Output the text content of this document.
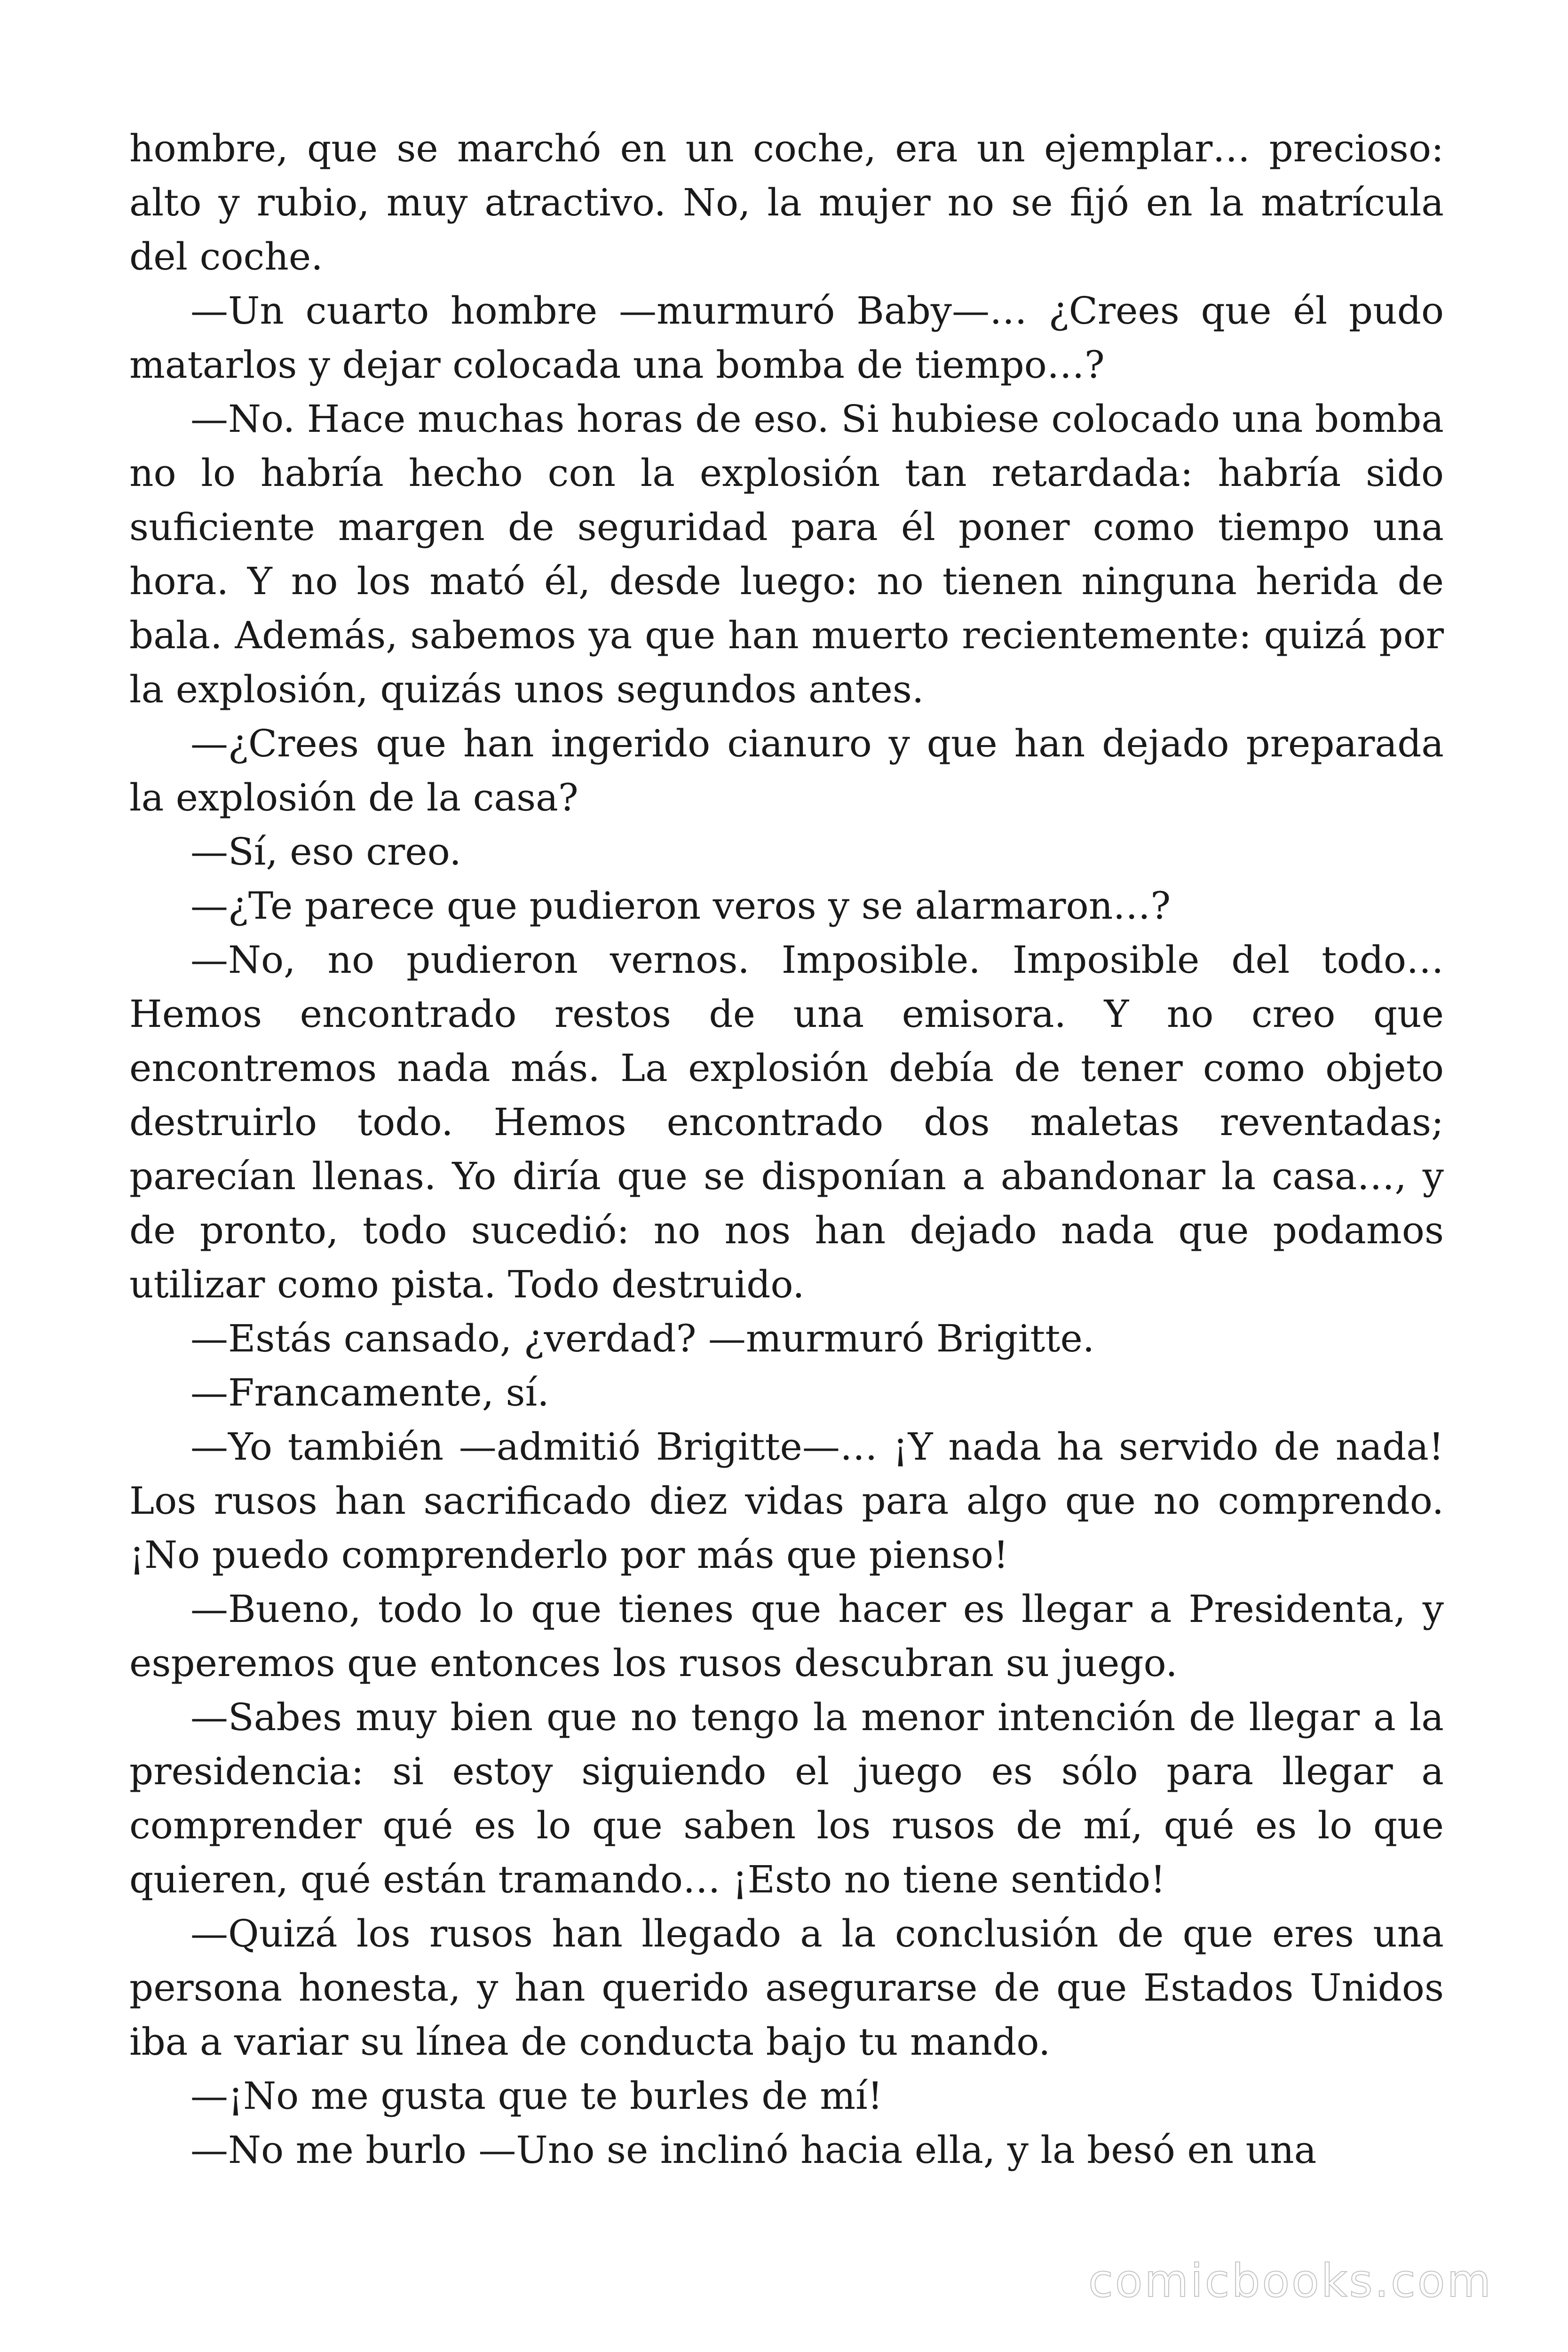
hombre, que se marchó en un coche, era un ejemplar… precioso: alto y rubio, muy atractivo. No, la mujer no se fijó en la matrícula del coche.

—Un cuarto hombre —murmuró Baby—… ¿Crees que él pudo matarlos y dejar colocada una bomba de tiempo…?

—No. Hace muchas horas de eso. Si hubiese colocado una bomba no lo habría hecho con la explosión tan retardada: habría sido suficiente margen de seguridad para él poner como tiempo una hora. Y no los mató él, desde luego: no tienen ninguna herida de bala. Además, sabemos ya que han muerto recientemente: quizá por la explosión, quizás unos segundos antes.

—¿Crees que han ingerido cianuro y que han dejado preparada la explosión de la casa?

—Sí, eso creo.

—¿Te parece que pudieron veros y se alarmaron…?

—No, no pudieron vernos. Imposible. Imposible del todo… Hemos encontrado restos de una emisora. Y no creo que encontremos nada más. La explosión debía de tener como objeto destruirlo todo. Hemos encontrado dos maletas reventadas; parecían llenas. Yo diría que se disponían a abandonar la casa…, y de pronto, todo sucedió: no nos han dejado nada que podamos utilizar como pista. Todo destruido.

—Estás cansado, ¿verdad? —murmuró Brigitte.

—Francamente, sí.

—Yo también —admitió Brigitte—… ¡Y nada ha servido de nada! Los rusos han sacrificado diez vidas para algo que no comprendo. ¡No puedo comprenderlo por más que pienso!

—Bueno, todo lo que tienes que hacer es llegar a Presidenta, y esperemos que entonces los rusos descubran su juego.

—Sabes muy bien que no tengo la menor intención de llegar a la presidencia: si estoy siguiendo el juego es sólo para llegar a comprender qué es lo que saben los rusos de mí, qué es lo que quieren, qué están tramando… ¡Esto no tiene sentido!

—Quizá los rusos han llegado a la conclusión de que eres una persona honesta, y han querido asegurarse de que Estados Unidos iba a variar su línea de conducta bajo tu mando.

—¡No me gusta que te burles de mí!

—No me burlo —Uno se inclinó hacia ella, y la besó en una

comicbooks.com
